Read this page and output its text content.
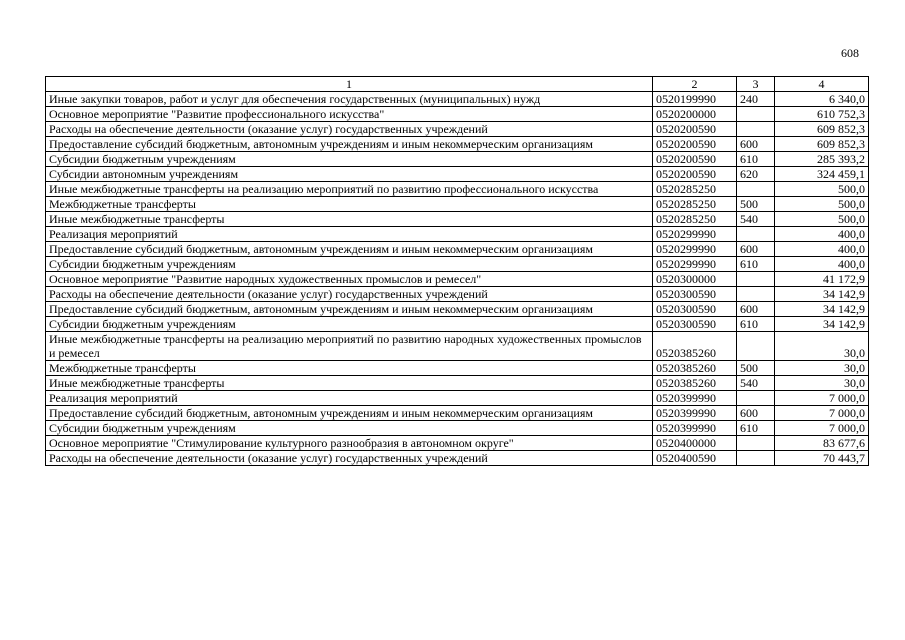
608
1	2	3	4
Иные закупки товаров, работ и услуг для обеспечения государственных (муниципальных) нужд	0520199990	240	6 340,0
Основное мероприятие "Развитие профессионального искусства"	0520200000		610 752,3
Расходы на обеспечение деятельности (оказание услуг) государственных учреждений	0520200590		609 852,3
Предоставление субсидий бюджетным, автономным учреждениям и иным некоммерческим организациям	0520200590	600	609 852,3
Субсидии бюджетным учреждениям	0520200590	610	285 393,2
Субсидии автономным учреждениям	0520200590	620	324 459,1
Иные межбюджетные трансферты на реализацию мероприятий по развитию профессионального искусства	0520285250		500,0
Межбюджетные трансферты	0520285250	500	500,0
Иные межбюджетные трансферты	0520285250	540	500,0
Реализация мероприятий	0520299990		400,0
Предоставление субсидий бюджетным, автономным учреждениям и иным некоммерческим организациям	0520299990	600	400,0
Субсидии бюджетным учреждениям	0520299990	610	400,0
Основное мероприятие "Развитие народных художественных промыслов и ремесел"	0520300000		41 172,9
Расходы на обеспечение деятельности (оказание услуг) государственных учреждений	0520300590		34 142,9
Предоставление субсидий бюджетным, автономным учреждениям и иным некоммерческим организациям	0520300590	600	34 142,9
Субсидии бюджетным учреждениям	0520300590	610	34 142,9
Иные межбюджетные трансферты на реализацию мероприятий по развитию народных художественных промыслов и ремесел	0520385260		30,0
Межбюджетные трансферты	0520385260	500	30,0
Иные межбюджетные трансферты	0520385260	540	30,0
Реализация мероприятий	0520399990		7 000,0
Предоставление субсидий бюджетным, автономным учреждениям и иным некоммерческим организациям	0520399990	600	7 000,0
Субсидии бюджетным учреждениям	0520399990	610	7 000,0
Основное мероприятие "Стимулирование культурного разнообразия в автономном округе"	0520400000		83 677,6
Расходы на обеспечение деятельности (оказание услуг) государственных учреждений	0520400590		70 443,7
